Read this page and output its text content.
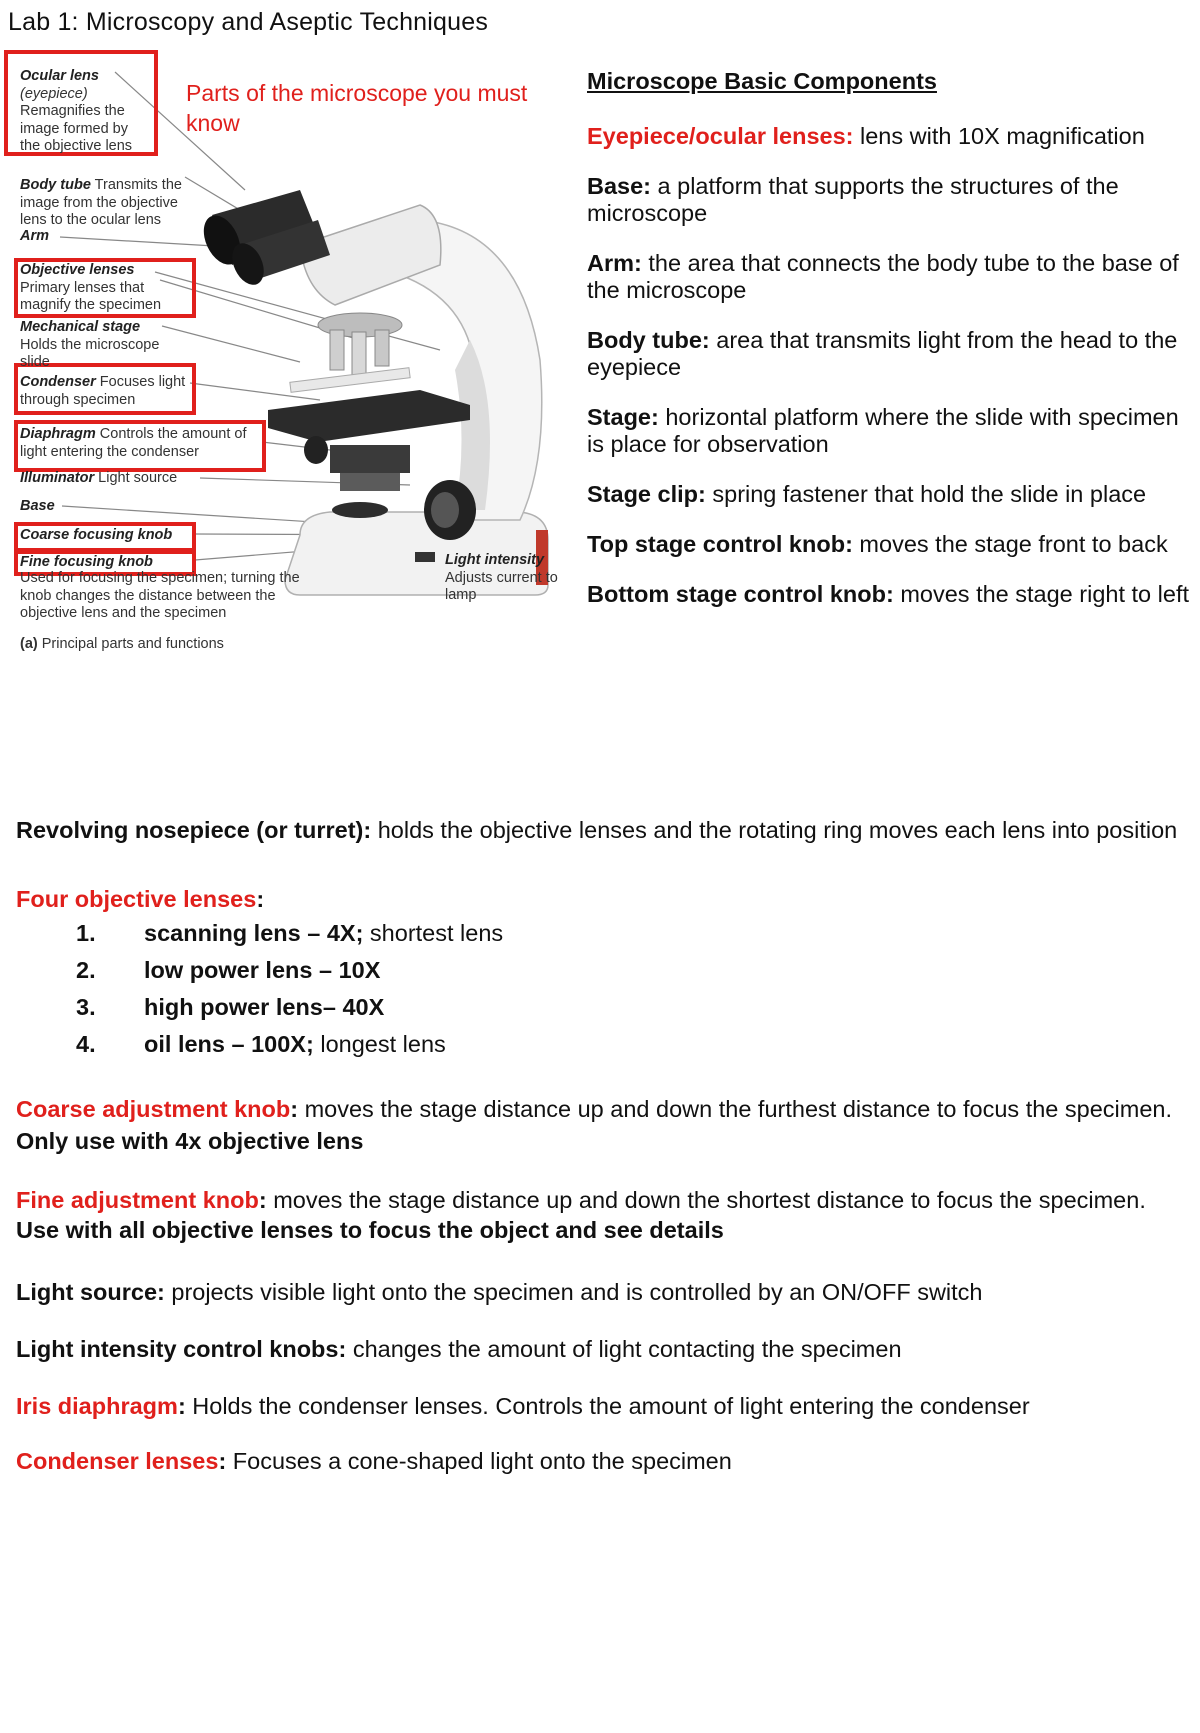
Lab 1: Microscopy and Aseptic Techniques
Ocular lens
(eyepiece)
Remagnifies the image formed by the objective lens
Body tube Transmits the image from the objective lens to the ocular lens
Arm
Objective lenses
Primary lenses that magnify the specimen
Mechanical stage
Holds the microscope slide
Condenser Focuses light through specimen
Diaphragm Controls the amount of light entering the condenser
Illuminator Light source
Base
Coarse focusing knob
Fine focusing knob
Used for focusing the specimen; turning the knob changes the distance between the objective lens and the specimen
Light intensity
Adjusts current to lamp
(a) Principal parts and functions
Parts of the microscope you must know
Microscope Basic Components
Eyepiece/ocular lenses: lens with 10X magnification
Base: a platform that supports the structures of the microscope
Arm: the area that connects the body tube to the base of the microscope
Body tube: area that transmits light from the head to the eyepiece
Stage: horizontal platform where the slide with specimen is place for observation
Stage clip: spring fastener that hold the slide in place
Top stage control knob: moves the stage front to back
Bottom stage control knob: moves the stage right to left

Revolving nosepiece (or turret): holds the objective lenses and the rotating ring moves each lens into position

Four objective lenses:
1. scanning lens – 4X; shortest lens
2. low power lens – 10X
3. high power lens– 40X
4. oil lens – 100X; longest lens

Coarse adjustment knob: moves the stage distance up and down the furthest distance to focus the specimen. Only use with 4x objective lens

Fine adjustment knob: moves the stage distance up and down the shortest distance to focus the specimen. Use with all objective lenses to focus the object and see details

Light source: projects visible light onto the specimen and is controlled by an ON/OFF switch

Light intensity control knobs: changes the amount of light contacting the specimen

Iris diaphragm: Holds the condenser lenses. Controls the amount of light entering the condenser

Condenser lenses: Focuses a cone-shaped light onto the specimen
